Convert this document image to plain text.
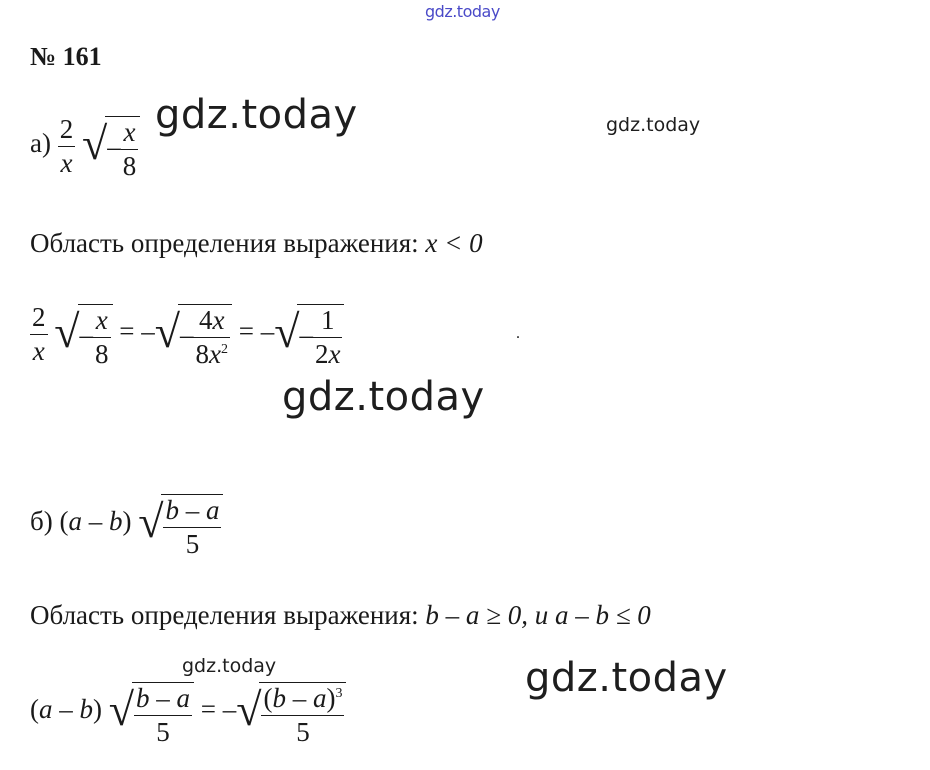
gdz.today
№ 161
$а) \frac{2}{x}$ √– $\frac{x}{8}$
gdz.today	gdz.today
Область определения выражения: x < 0
$\frac{2}{x}$ √– $\frac{x}{8}$ = –√– $\frac{4x}{8x^2}$ = –√– $\frac{1}{2x}$	.
gdz.today
б) (a – b) √ $\frac{b - a}{5}$
Область определения выражения: b – a ≥ 0, и a – b ≤ 0
gdz.today	gdz.today
(a – b) √ $\frac{b - a}{5}$ = –√ $\frac{(b - a)^3}{5}$
